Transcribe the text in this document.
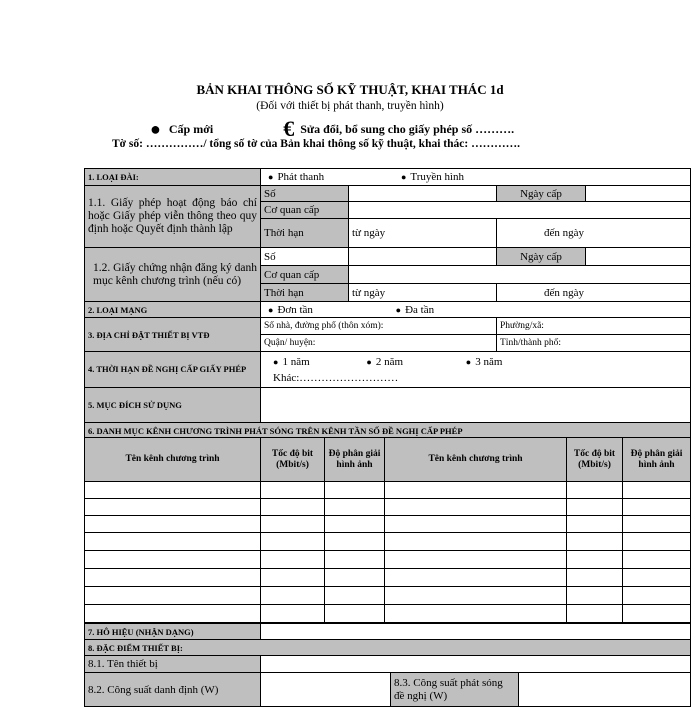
BẢN KHAI THÔNG SỐ KỸ THUẬT, KHAI THÁC 1d
(Đối với thiết bị phát thanh, truyền hình)
● Cấp mới	€ Sửa đổi, bổ sung cho giấy phép số ……….
Tờ số: ……………/ tổng số tờ của Bản khai thông số kỹ thuật, khai thác: ………….
1. LOẠI ĐÀI:	● Phát thanh ● Truyền hình			
1.1. Giấy phép hoạt động báo chí hoặc Giấy phép viễn thông theo quy định hoặc Quyết định thành lập	Số		Ngày cấp	
	Cơ quan cấp			
	Thời hạn	từ ngày	đến ngày	
1.2. Giấy chứng nhận đăng ký danh mục kênh chương trình (nếu có)	Số		Ngày cấp	
	Cơ quan cấp			
	Thời hạn	từ ngày	đến ngày	
2. LOẠI MẠNG	● Đơn tần ● Đa tần			
3. ĐỊA CHỈ ĐẶT THIẾT BỊ VTĐ	Số nhà, đường phố (thôn xóm):		Phường/xã:	
	Quận/ huyện:		Tỉnh/thành phố:	
4. THỜI HẠN ĐỀ NGHỊ CẤP GIẤY PHÉP	● 1 năm ● 2 năm ● 3 năm
Khác:………………………			
5. MỤC ĐÍCH SỬ DỤNG				
6. DANH MỤC KÊNH CHƯƠNG TRÌNH PHÁT SÓNG TRÊN KÊNH TẦN SỐ ĐỀ NGHỊ CẤP PHÉP				
Tên kênh chương trình	Tốc độ bit (Mbit/s)	Độ phân giải hình ảnh	Tên kênh chương trình	Tốc độ bit (Mbit/s)	Độ phân giải hình ảnh

7. HÔ HIỆU (NHẬN DẠNG)			
8. ĐẶC ĐIỂM THIẾT BỊ:			
8.1. Tên thiết bị			
8.2. Công suất danh định (W)		8.3. Công suất phát sóng đề nghị (W)	
